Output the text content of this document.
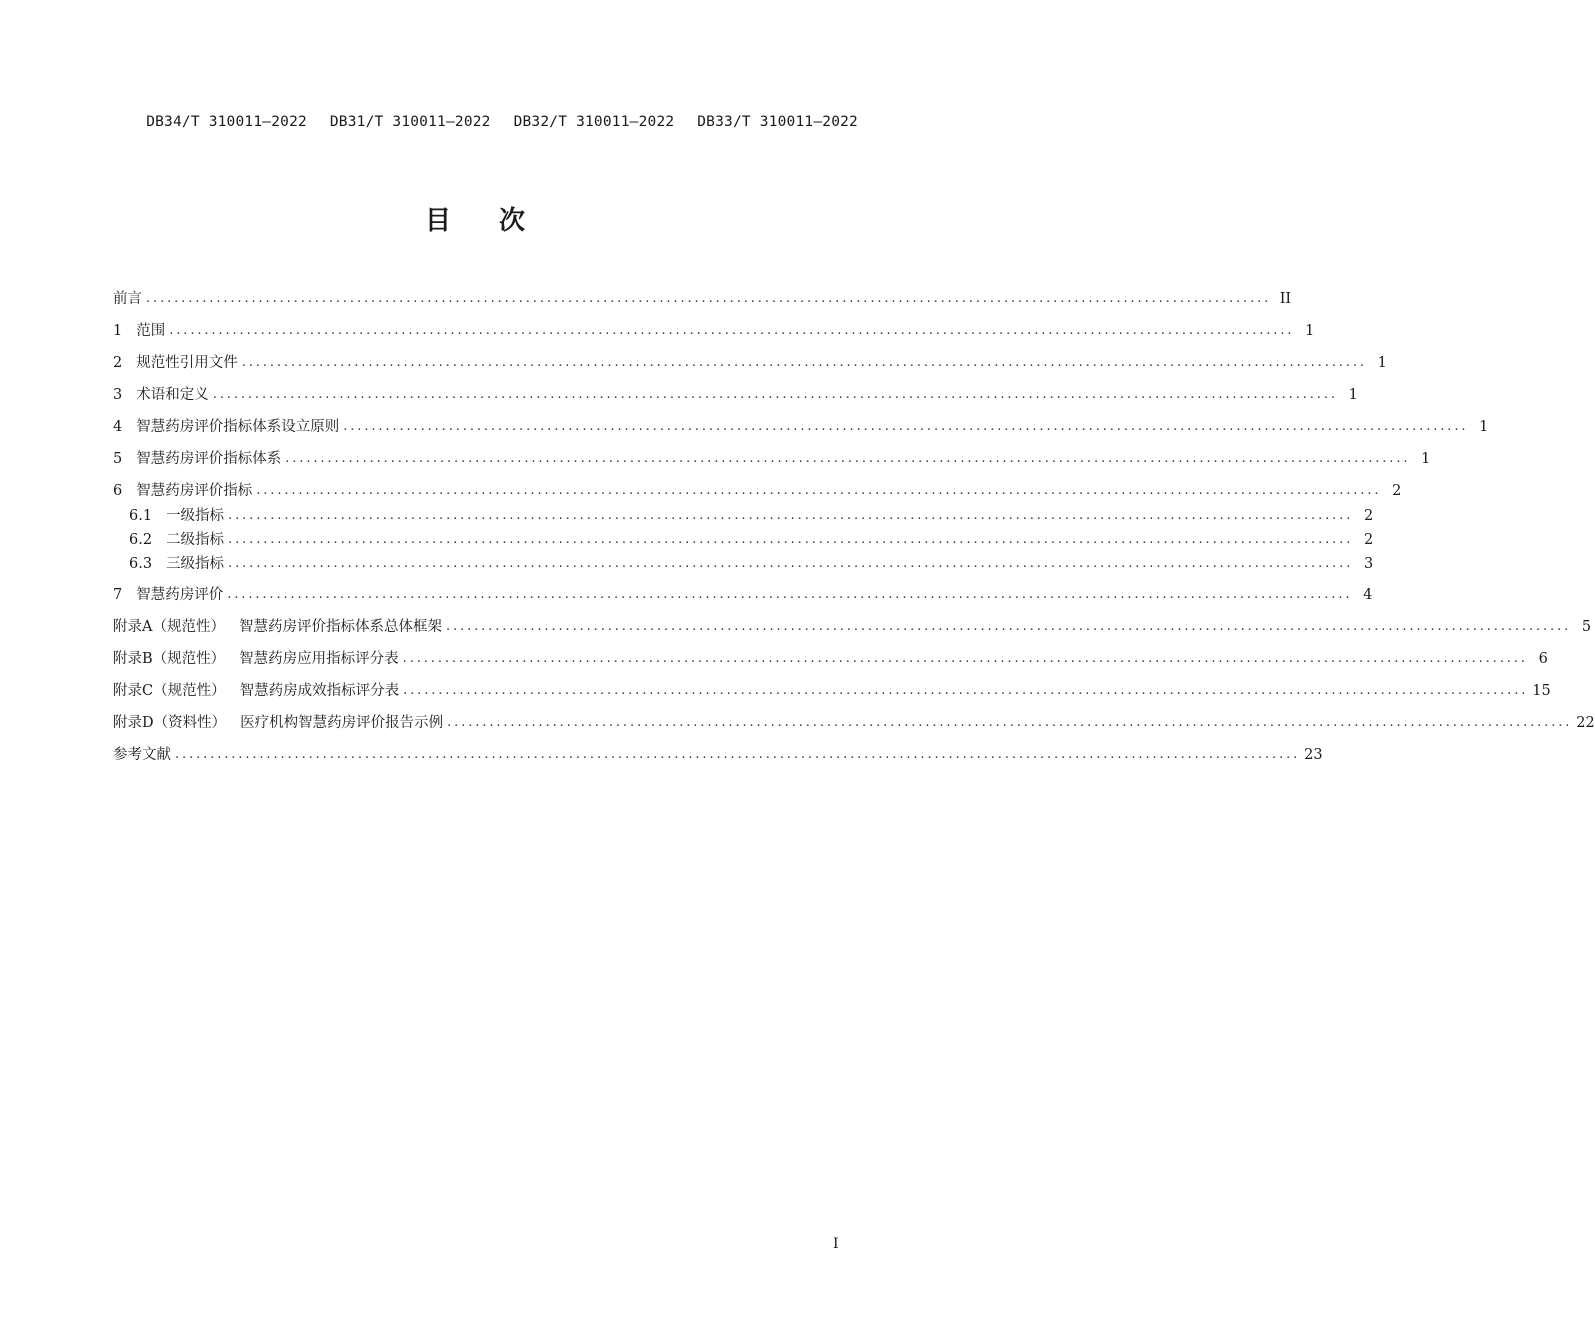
DB34/T 310011—2022 DB31/T 310011—2022 DB32/T 310011—2022 DB33/T 310011—2022
目 次
前言 ................................................................................................................................................................ II
1 范围 ................................................................................................................................................................ 1
2 规范性引用文件 ................................................................................................................................................................ 1
3 术语和定义 ................................................................................................................................................................ 1
4 智慧药房评价指标体系设立原则 ................................................................................................................................................................ 1
5 智慧药房评价指标体系 ................................................................................................................................................................ 1
6 智慧药房评价指标 ................................................................................................................................................................ 2
6.1 一级指标 ................................................................................................................................................................ 2
6.2 二级指标 ................................................................................................................................................................ 2
6.3 三级指标 ................................................................................................................................................................ 3
7 智慧药房评价 ................................................................................................................................................................ 4
附录A（规范性） 智慧药房评价指标体系总体框架 ................................................................................................................................................................ 5
附录B（规范性） 智慧药房应用指标评分表 ................................................................................................................................................................ 6
附录C（规范性） 智慧药房成效指标评分表 ................................................................................................................................................................ 15
附录D（资料性） 医疗机构智慧药房评价报告示例 ................................................................................................................................................................ 22
参考文献 ................................................................................................................................................................ 23
I
